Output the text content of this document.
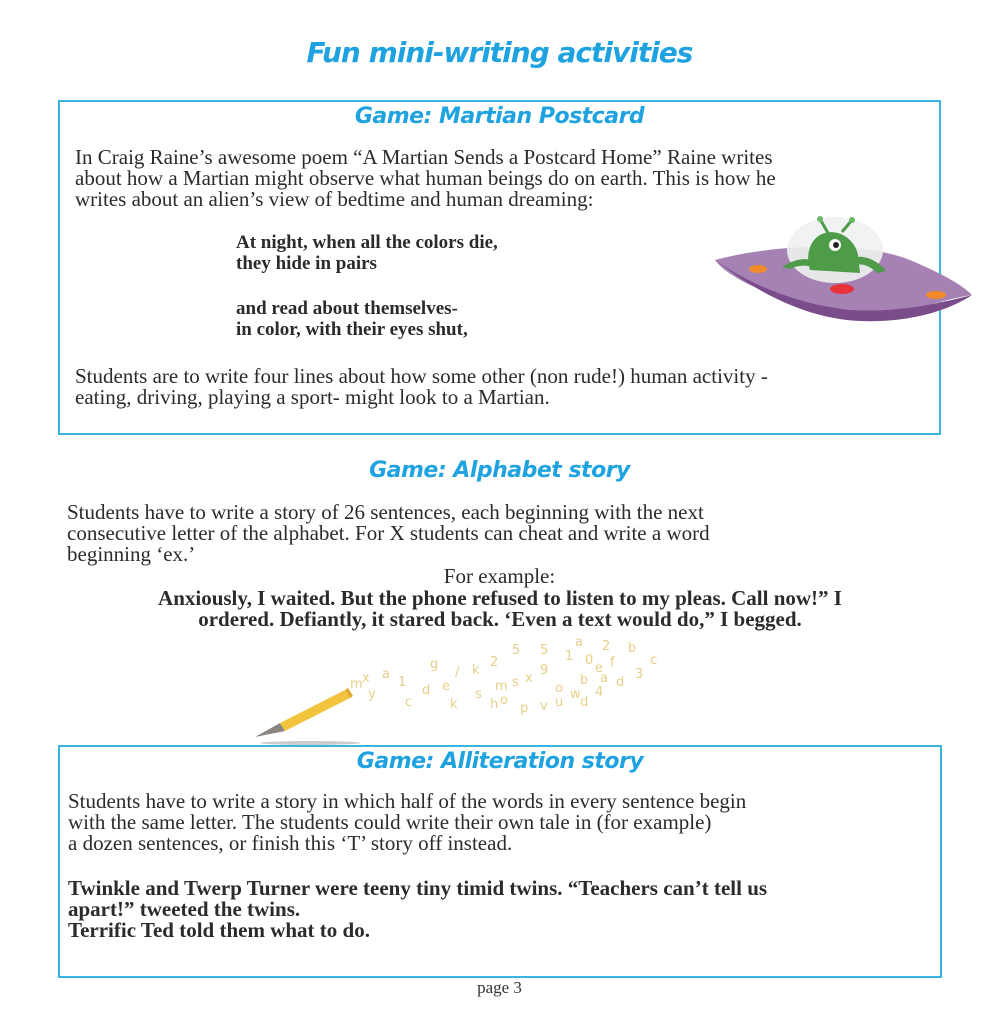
Fun mini-writing activities
Game: Martian Postcard
In Craig Raine’s awesome poem “A Martian Sends a Postcard Home” Raine writes
about how a Martian might observe what human beings do on earth. This is how he
writes about an alien’s view of bedtime and human dreaming:
At night, when all the colors die,
they hide in pairs
and read about themselves-
in color, with their eyes shut,
Students are to write four lines about how some other (non rude!) human activity -
eating, driving, playing a sport- might look to a Martian.
Game: Alphabet story
Students have to write a story of 26 sentences, each beginning with the next
consecutive letter of the alphabet. For X students can cheat and write a word
beginning ‘ex.’
For example:
Anxiously, I waited. But the phone refused to listen to my pleas. Call now!” I
ordered. Defiantly, it stared back. ‘Even a text would do,” I begged.
m x
y
a
1
c
d
g
e
k
/ k
2
s
m s x
9
5
h o
o
b a d
3
c
1 0
e f
2 b
a
4
w
p v u d
5
Game: Alliteration story
Students have to write a story in which half of the words in every sentence begin
with the same letter. The students could write their own tale in (for example)
a dozen sentences, or finish this ‘T’ story off instead.
Twinkle and Twerp Turner were teeny tiny timid twins. “Teachers can’t tell us
apart!” tweeted the twins.
Terrific Ted told them what to do.
page 3
